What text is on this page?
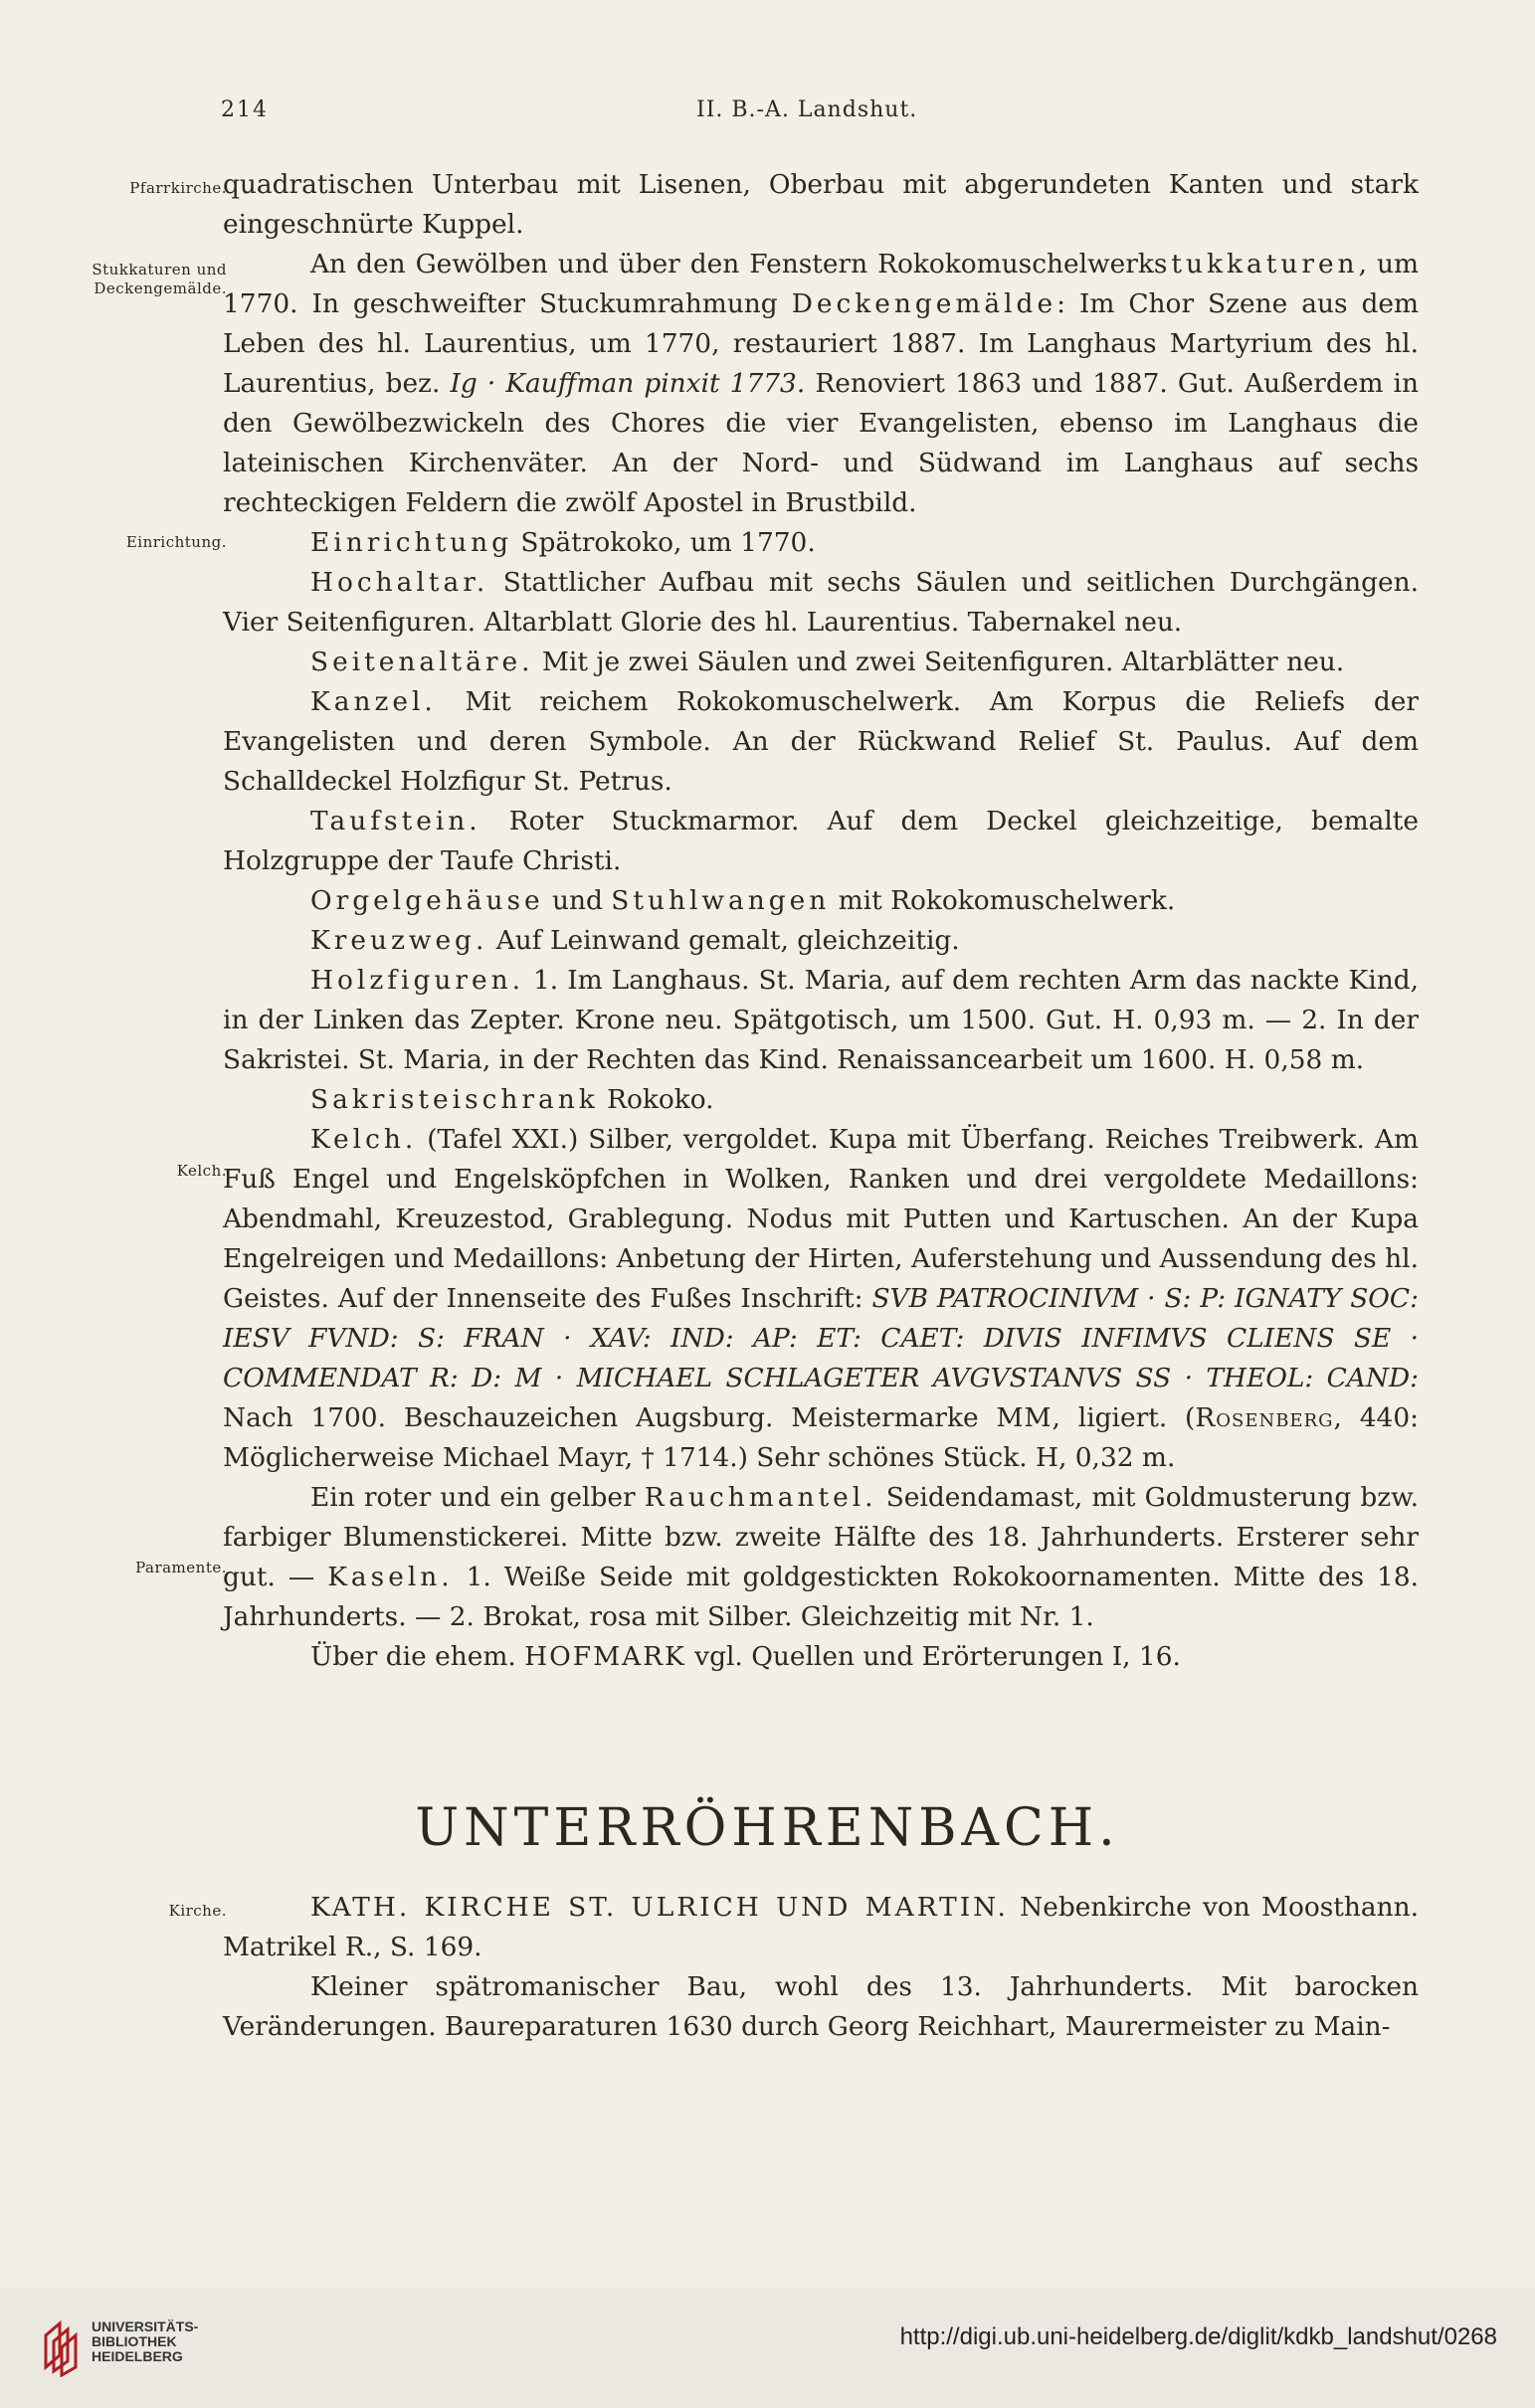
214	II. B.-A. Landshut.
Pfarrkirche.
Stukkaturen und
Deckengemälde.
Einrichtung.
Kelch.
Paramente.
Kirche.

quadratischen Unterbau mit Lisenen, Oberbau mit abgerundeten Kanten und stark eingeschnürte Kuppel.

An den Gewölben und über den Fenstern Rokokomuschelwerkstukkaturen, um 1770. In geschweifter Stuckumrahmung Deckengemälde: Im Chor Szene aus dem Leben des hl. Laurentius, um 1770, restauriert 1887. Im Langhaus Martyrium des hl. Laurentius, bez. Ig · Kauffman pinxit 1773. Renoviert 1863 und 1887. Gut. Außerdem in den Gewölbezwickeln des Chores die vier Evangelisten, ebenso im Langhaus die lateinischen Kirchenväter. An der Nord- und Südwand im Langhaus auf sechs rechteckigen Feldern die zwölf Apostel in Brustbild.

Einrichtung Spätrokoko, um 1770.

Hochaltar. Stattlicher Aufbau mit sechs Säulen und seitlichen Durchgängen. Vier Seitenfiguren. Altarblatt Glorie des hl. Laurentius. Tabernakel neu.

Seitenaltäre. Mit je zwei Säulen und zwei Seitenfiguren. Altarblätter neu.

Kanzel. Mit reichem Rokokomuschelwerk. Am Korpus die Reliefs der Evangelisten und deren Symbole. An der Rückwand Relief St. Paulus. Auf dem Schalldeckel Holzfigur St. Petrus.

Taufstein. Roter Stuckmarmor. Auf dem Deckel gleichzeitige, bemalte Holzgruppe der Taufe Christi.

Orgelgehäuse und Stuhlwangen mit Rokokomuschelwerk.

Kreuzweg. Auf Leinwand gemalt, gleichzeitig.

Holzfiguren. 1. Im Langhaus. St. Maria, auf dem rechten Arm das nackte Kind, in der Linken das Zepter. Krone neu. Spätgotisch, um 1500. Gut. H. 0,93 m. — 2. In der Sakristei. St. Maria, in der Rechten das Kind. Renaissancearbeit um 1600. H. 0,58 m.

Sakristeischrank Rokoko.

Kelch. (Tafel XXI.) Silber, vergoldet. Kupa mit Überfang. Reiches Treibwerk. Am Fuß Engel und Engelsköpfchen in Wolken, Ranken und drei vergoldete Medaillons: Abendmahl, Kreuzestod, Grablegung. Nodus mit Putten und Kartuschen. An der Kupa Engelreigen und Medaillons: Anbetung der Hirten, Auferstehung und Aussendung des hl. Geistes. Auf der Innenseite des Fußes Inschrift: SVB PATROCINIVM · S: P: IGNATY SOC: IESV FVND: S: FRAN · XAV: IND: AP: ET: CAET: DIVIS INFIMVS CLIENS SE · COMMENDAT R: D: M · MICHAEL SCHLAGETER AVGVSTANVS SS · THEOL: CAND: Nach 1700. Beschauzeichen Augsburg. Meistermarke MM, ligiert. (Rosenberg, 440: Möglicherweise Michael Mayr, † 1714.) Sehr schönes Stück. H, 0,32 m.

Ein roter und ein gelber Rauchmantel. Seidendamast, mit Goldmusterung bzw. farbiger Blumenstickerei. Mitte bzw. zweite Hälfte des 18. Jahrhunderts. Ersterer sehr gut. — Kaseln. 1. Weiße Seide mit goldgestickten Rokokoornamenten. Mitte des 18. Jahrhunderts. — 2. Brokat, rosa mit Silber. Gleichzeitig mit Nr. 1.

Über die ehem. HOFMARK vgl. Quellen und Erörterungen I, 16.

UNTERRÖHRENBACH.

KATH. KIRCHE ST. ULRICH UND MARTIN. Nebenkirche von Moosthann. Matrikel R., S. 169.

Kleiner spätromanischer Bau, wohl des 13. Jahrhunderts. Mit barocken Veränderungen. Baureparaturen 1630 durch Georg Reichhart, Maurermeister zu Main-

UNIVERSITÄTS-
BIBLIOTHEK
HEIDELBERG
http://digi.ub.uni-heidelberg.de/diglit/kdkb_landshut/0268
